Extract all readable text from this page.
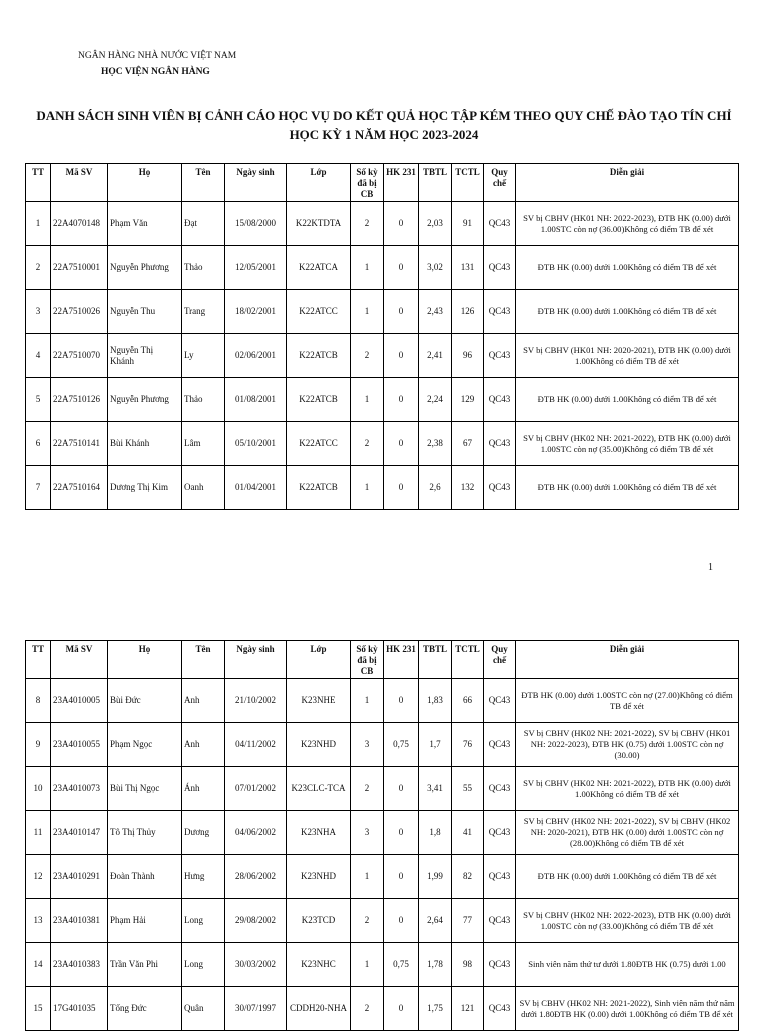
NGÂN HÀNG NHÀ NƯỚC VIỆT NAM
HỌC VIỆN NGÂN HÀNG
DANH SÁCH SINH VIÊN BỊ CẢNH CÁO HỌC VỤ DO KẾT QUẢ HỌC TẬP KÉM THEO QUY CHẾ ĐÀO TẠO TÍN CHỈ
HỌC KỲ 1 NĂM HỌC 2023-2024
TT	Mã SV	Họ	Tên	Ngày sinh	Lớp	Số kỳ đã bị CB	HK 231	TBTL	TCTL	Quy chế	Diễn giải
1	22A4070148	Phạm Văn	Đạt	15/08/2000	K22KTDTA	2	0	2,03	91	QC43	SV bị CBHV (HK01 NH: 2022-2023), ĐTB HK (0.00) dưới 1.00STC còn nợ (36.00)Không có điểm TB để xét
2	22A7510001	Nguyễn Phương	Thảo	12/05/2001	K22ATCA	1	0	3,02	131	QC43	ĐTB HK (0.00) dưới 1.00Không có điểm TB để xét
3	22A7510026	Nguyễn Thu	Trang	18/02/2001	K22ATCC	1	0	2,43	126	QC43	ĐTB HK (0.00) dưới 1.00Không có điểm TB để xét
4	22A7510070	Nguyễn Thị Khánh	Ly	02/06/2001	K22ATCB	2	0	2,41	96	QC43	SV bị CBHV (HK01 NH: 2020-2021), ĐTB HK (0.00) dưới 1.00Không có điểm TB để xét
5	22A7510126	Nguyễn Phương	Thảo	01/08/2001	K22ATCB	1	0	2,24	129	QC43	ĐTB HK (0.00) dưới 1.00Không có điểm TB để xét
6	22A7510141	Bùi Khánh	Lâm	05/10/2001	K22ATCC	2	0	2,38	67	QC43	SV bị CBHV (HK02 NH: 2021-2022), ĐTB HK (0.00) dưới 1.00STC còn nợ (35.00)Không có điểm TB để xét
7	22A7510164	Dương Thị Kim	Oanh	01/04/2001	K22ATCB	1	0	2,6	132	QC43	ĐTB HK (0.00) dưới 1.00Không có điểm TB để xét
1
TT	Mã SV	Họ	Tên	Ngày sinh	Lớp	Số kỳ đã bị CB	HK 231	TBTL	TCTL	Quy chế	Diễn giải
8	23A4010005	Bùi Đức	Anh	21/10/2002	K23NHE	1	0	1,83	66	QC43	ĐTB HK (0.00) dưới 1.00STC còn nợ (27.00)Không có điểm TB để xét
9	23A4010055	Phạm Ngọc	Anh	04/11/2002	K23NHD	3	0,75	1,7	76	QC43	SV bị CBHV (HK02 NH: 2021-2022), SV bị CBHV (HK01 NH: 2022-2023), ĐTB HK (0.75) dưới 1.00STC còn nợ (30.00)
10	23A4010073	Bùi Thị Ngọc	Ánh	07/01/2002	K23CLC-TCA	2	0	3,41	55	QC43	SV bị CBHV (HK02 NH: 2021-2022), ĐTB HK (0.00) dưới 1.00Không có điểm TB để xét
11	23A4010147	Tô Thị Thủy	Dương	04/06/2002	K23NHA	3	0	1,8	41	QC43	SV bị CBHV (HK02 NH: 2021-2022), SV bị CBHV (HK02 NH: 2020-2021), ĐTB HK (0.00) dưới 1.00STC còn nợ (28.00)Không có điểm TB để xét
12	23A4010291	Đoàn Thành	Hưng	28/06/2002	K23NHD	1	0	1,99	82	QC43	ĐTB HK (0.00) dưới 1.00Không có điểm TB để xét
13	23A4010381	Phạm Hải	Long	29/08/2002	K23TCD	2	0	2,64	77	QC43	SV bị CBHV (HK02 NH: 2022-2023), ĐTB HK (0.00) dưới 1.00STC còn nợ (33.00)Không có điểm TB để xét
14	23A4010383	Trần Văn Phi	Long	30/03/2002	K23NHC	1	0,75	1,78	98	QC43	Sinh viên năm thứ tư dưới 1.80ĐTB HK (0.75) dưới 1.00
15	17G401035	Tống Đức	Quân	30/07/1997	CDDH20-NHA	2	0	1,75	121	QC43	SV bị CBHV (HK02 NH: 2021-2022), Sinh viên năm thứ năm dưới 1.80ĐTB HK (0.00) dưới 1.00Không có điểm TB để xét
